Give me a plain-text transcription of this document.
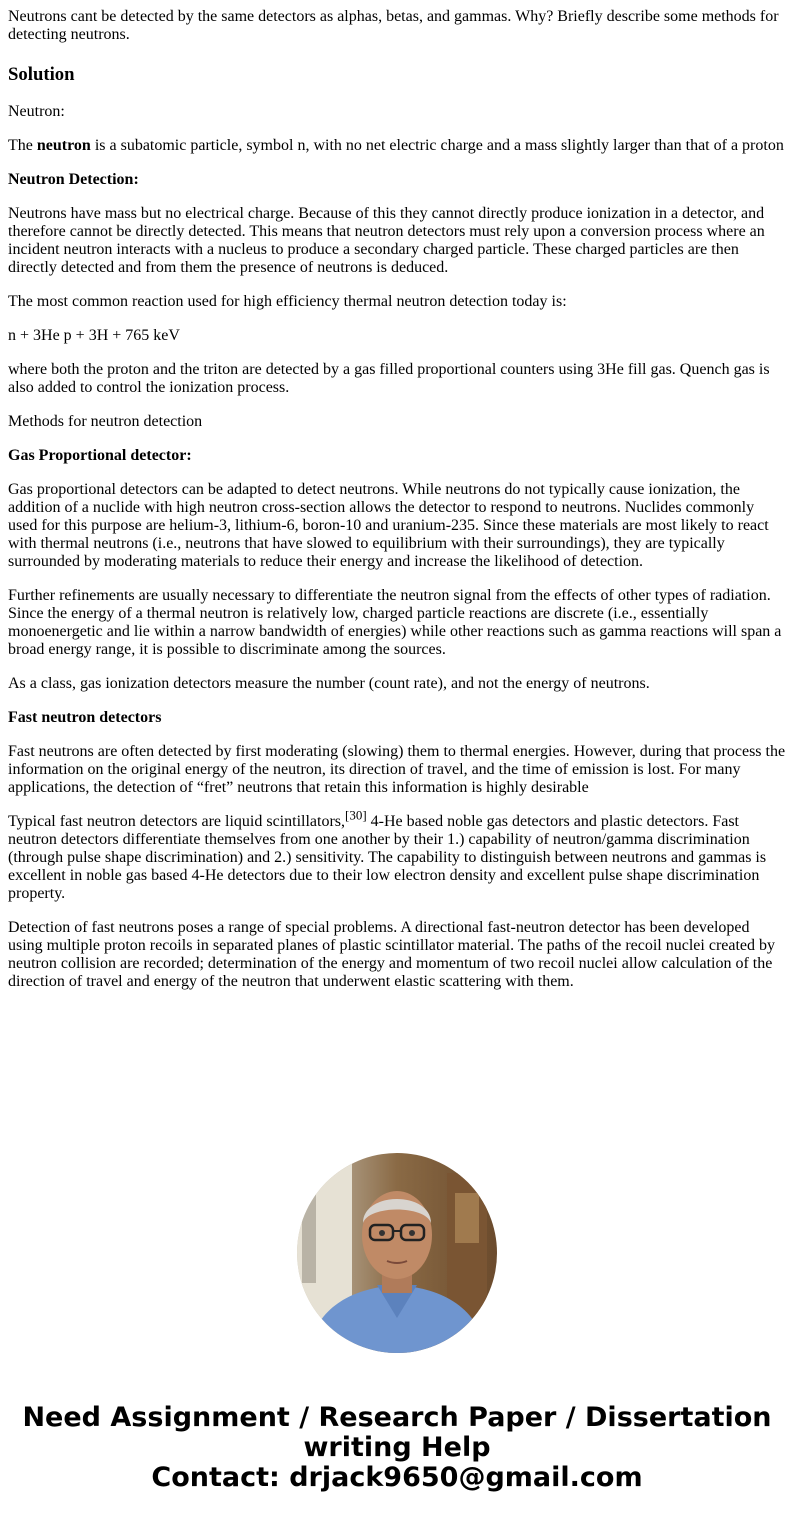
Neutrons cant be detected by the same detectors as alphas, betas, and gammas. Why? Briefly describe some methods for detecting neutrons.
Solution

Neutron:

The neutron is a subatomic particle, symbol n, with no net electric charge and a mass slightly larger than that of a proton

Neutron Detection:

Neutrons have mass but no electrical charge. Because of this they cannot directly produce ionization in a detector, and therefore cannot be directly detected. This means that neutron detectors must rely upon a conversion process where an incident neutron interacts with a nucleus to produce a secondary charged particle. These charged particles are then directly detected and from them the presence of neutrons is deduced.

The most common reaction used for high efficiency thermal neutron detection today is:

n + 3He p + 3H + 765 keV

where both the proton and the triton are detected by a gas filled proportional counters using 3He fill gas. Quench gas is also added to control the ionization process.

Methods for neutron detection

Gas Proportional detector:

Gas proportional detectors can be adapted to detect neutrons. While neutrons do not typically cause ionization, the addition of a nuclide with high neutron cross-section allows the detector to respond to neutrons. Nuclides commonly used for this purpose are helium-3, lithium-6, boron-10 and uranium-235. Since these materials are most likely to react with thermal neutrons (i.e., neutrons that have slowed to equilibrium with their surroundings), they are typically surrounded by moderating materials to reduce their energy and increase the likelihood of detection.

Further refinements are usually necessary to differentiate the neutron signal from the effects of other types of radiation. Since the energy of a thermal neutron is relatively low, charged particle reactions are discrete (i.e., essentially monoenergetic and lie within a narrow bandwidth of energies) while other reactions such as gamma reactions will span a broad energy range, it is possible to discriminate among the sources.

As a class, gas ionization detectors measure the number (count rate), and not the energy of neutrons.

Fast neutron detectors

Fast neutrons are often detected by first moderating (slowing) them to thermal energies. However, during that process the information on the original energy of the neutron, its direction of travel, and the time of emission is lost. For many applications, the detection of “fret” neutrons that retain this information is highly desirable

Typical fast neutron detectors are liquid scintillators,[30] 4-He based noble gas detectors and plastic detectors. Fast neutron detectors differentiate themselves from one another by their 1.) capability of neutron/gamma discrimination (through pulse shape discrimination) and 2.) sensitivity. The capability to distinguish between neutrons and gammas is excellent in noble gas based 4-He detectors due to their low electron density and excellent pulse shape discrimination property.

Detection of fast neutrons poses a range of special problems. A directional fast-neutron detector has been developed using multiple proton recoils in separated planes of plastic scintillator material. The paths of the recoil nuclei created by neutron collision are recorded; determination of the energy and momentum of two recoil nuclei allow calculation of the direction of travel and energy of the neutron that underwent elastic scattering with them.

Need Assignment / Research Paper / Dissertation
writing Help
Contact: drjack9650@gmail.com
